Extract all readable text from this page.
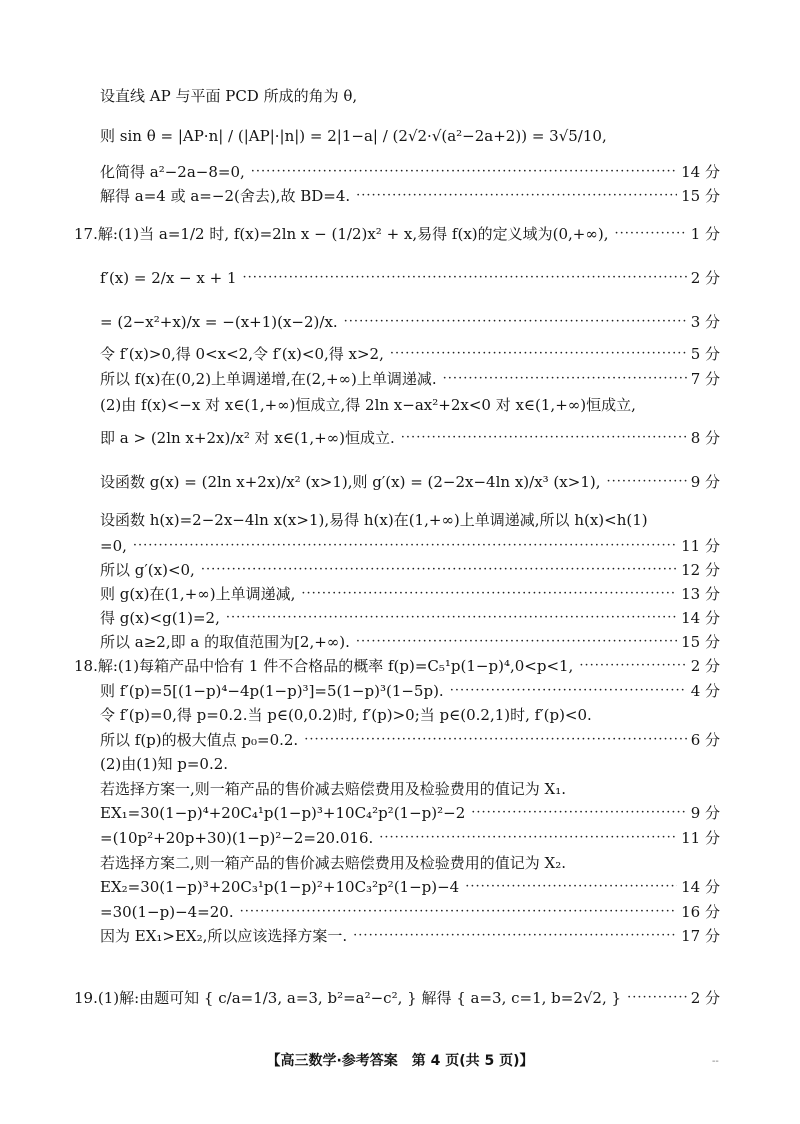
设直线 AP 与平面 PCD 所成的角为 θ,
则 sin θ = |AP·n| / (|AP|·|n|) = 2|1−a| / (2√2·√(a²−2a+2)) = 3√5/10,
化简得 a²−2a−8=0, ·····	14 分
解得 a=4 或 a=−2(舍去),故 BD=4. ·····	15 分
17.解:(1)当 a=1/2 时, f(x)=2ln x − (1/2)x² + x,易得 f(x)的定义域为(0,+∞), ·····	1 分
f′(x) = 2/x − x + 1 ·····	2 分
= (2−x²+x)/x = −(x+1)(x−2)/x. ·····	3 分
令 f′(x)>0,得 0<x<2,令 f′(x)<0,得 x>2, ·····	5 分
所以 f(x)在(0,2)上单调递增,在(2,+∞)上单调递减. ·····	7 分
(2)由 f(x)<−x 对 x∈(1,+∞)恒成立,得 2ln x−ax²+2x<0 对 x∈(1,+∞)恒成立,
即 a > (2ln x+2x)/x² 对 x∈(1,+∞)恒成立. ·····	8 分
设函数 g(x) = (2ln x+2x)/x² (x>1),则 g′(x) = (2−2x−4ln x)/x³ (x>1), ·····	9 分
设函数 h(x)=2−2x−4ln x(x>1),易得 h(x)在(1,+∞)上单调递减,所以 h(x)<h(1)
=0, ·····	11 分
所以 g′(x)<0, ·····	12 分
则 g(x)在(1,+∞)上单调递减, ·····	13 分
得 g(x)<g(1)=2, ·····	14 分
所以 a≥2,即 a 的取值范围为[2,+∞). ·····	15 分
18.解:(1)每箱产品中恰有 1 件不合格品的概率 f(p)=C₅¹p(1−p)⁴,0<p<1, ·····	2 分
则 f′(p)=5[(1−p)⁴−4p(1−p)³]=5(1−p)³(1−5p). ·····	4 分
令 f′(p)=0,得 p=0.2.当 p∈(0,0.2)时, f′(p)>0;当 p∈(0.2,1)时, f′(p)<0.
所以 f(p)的极大值点 p₀=0.2. ·····	6 分
(2)由(1)知 p=0.2.
若选择方案一,则一箱产品的售价减去赔偿费用及检验费用的值记为 X₁.
EX₁=30(1−p)⁴+20C₄¹p(1−p)³+10C₄²p²(1−p)²−2 ·····	9 分
=(10p²+20p+30)(1−p)²−2=20.016. ·····	11 分
若选择方案二,则一箱产品的售价减去赔偿费用及检验费用的值记为 X₂.
EX₂=30(1−p)³+20C₃¹p(1−p)²+10C₃²p²(1−p)−4 ·····	14 分
=30(1−p)−4=20. ·····	16 分
因为 EX₁>EX₂,所以应该选择方案一. ·····	17 分
19.(1)解:由题可知 { c/a=1/3, a=3, b²=a²−c², } 解得 { a=3, c=1, b=2√2, } ·····	2 分
【高三数学·参考答案　第 4 页(共 5 页)】	--
